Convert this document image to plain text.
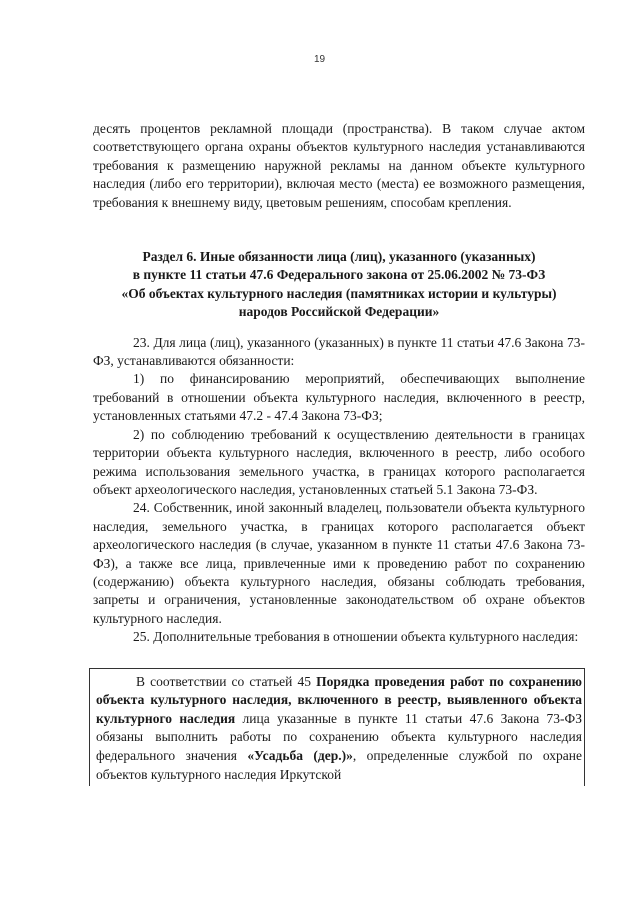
19

десять процентов рекламной площади (пространства). В таком случае актом соответствующего органа охраны объектов культурного наследия устанавливаются требования к размещению наружной рекламы на данном объекте культурного наследия (либо его территории), включая место (места) ее возможного размещения, требования к внешнему виду, цветовым решениям, способам крепления.

Раздел 6. Иные обязанности лица (лиц), указанного (указанных)
в пункте 11 статьи 47.6 Федерального закона от 25.06.2002 № 73-ФЗ
«Об объектах культурного наследия (памятниках истории и культуры)
народов Российской Федерации»

23. Для лица (лиц), указанного (указанных) в пункте 11 статьи 47.6 Закона 73-ФЗ, устанавливаются обязанности:

1) по финансированию мероприятий, обеспечивающих выполнение требований в отношении объекта культурного наследия, включенного в реестр, установленных статьями 47.2 - 47.4 Закона 73-ФЗ;

2) по соблюдению требований к осуществлению деятельности в границах территории объекта культурного наследия, включенного в реестр, либо особого режима использования земельного участка, в границах которого располагается объект археологического наследия, установленных статьей 5.1 Закона 73-ФЗ.

24. Собственник, иной законный владелец, пользователи объекта культурного наследия, земельного участка, в границах которого располагается объект археологического наследия (в случае, указанном в пункте 11 статьи 47.6 Закона 73-ФЗ), а также все лица, привлеченные ими к проведению работ по сохранению (содержанию) объекта культурного наследия, обязаны соблюдать требования, запреты и ограничения, установленные законодательством об охране объектов культурного наследия.

25. Дополнительные требования в отношении объекта культурного наследия:

В соответствии со статьей 45 Порядка проведения работ по сохранению объекта культурного наследия, включенного в реестр, выявленного объекта культурного наследия лица указанные в пункте 11 статьи 47.6 Закона 73-ФЗ обязаны выполнить работы по сохранению объекта культурного наследия федерального значения «Усадьба (дер.)», определенные службой по охране объектов культурного наследия Иркутской
